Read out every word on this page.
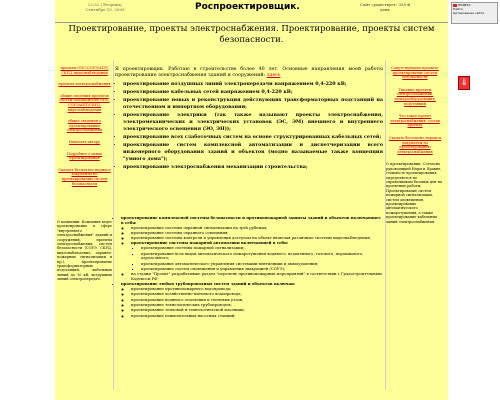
22:52 | Вторник, Сентябрь 15, 2009	Роспроектировщик.	Сайт существует: 335-й день
ЯНДЕКС
Найти
Цитирование сайта
⇓
Проектирование, проекты электроснабжения. Проектирование, проекты систем безопасности.
проекты ОПС/СОУЭ/АПТ/СКУД, видеонаблюдения
проекты электроснабжения
общие сведения проектов систем безопасности ОПС/СОУЭ/АПТ/СКУД, видеонаблюдения
общие сведения о проектировании электроснабжения
Написать автору
Подробнее о ценах проектирования
Скачать бесплатно нормы и документы по проектированию систем безопасности
О компании. Компания ведет проектирование в сфере "внутреннего электроснабжения" зданий и сооружений, проекты электроснабжения, систем безопасности (СОУЭ, СКУД, видеонаблюдение, охранно-пожарные сигнализации и пр.), проектирование трансформаторных подстанций, кабельных линий до 10 кВ, воздушных линий электропередач.
Сопутствующие проекты: проектирование систем безопасности
Типовые проекты электроснабжения, электрооборудования, подстанций
Что такое проект электроснабжения, состав проекта
Скачать бесплатно нормы и документы по проектированию электроснабжения
О проектировании. Согласно руководящей Норм и Правил, стоимость проектирования определяется по справочникам базовых цен на проектные работы. Проектирование систем пожарной сигнализации, систем оповещения, проектирование автоматического пожаротушения, а также проектирование кабельных линий электроснабжения.

Я проектировщик. Работаю в строительстве более 40 лет. Основные направления моей работы проектирование электроснабжения зданий и сооружений: здесь

• проектирование воздушных линий электропередачи напряжением 0,4-220 кВ;
• проектирование кабельных сетей напряжением 0,4-220 кВ;
• проектирование новых и реконструкция действующих трансформаторных подстанций на отечественном и импортном оборудовании;
• проектирование электрики (так также называют проекты электроснабжения, электромеханических и электрических установок (ЭС, ЭМ) внешнего и внутреннего электрического освещения (ЭО, ЭН));
• проектирование всех слаботочных систем на основе структурированных кабельных сетей;
• проектирование систем комплексной автоматизации и диспетчеризации всего инженерного оборудования зданий и объектов (модно называемые также концепция "умного дома");
• проектирование электроснабжения механизации строительства;
• проектирование комплексной системы безопасности и противопожарной защиты зданий и объектов включающее в себя:
◦ проектирование системы охранной сигнализации на трёх рубежах;
◦ проектирование системы охранного освещения;
◦ проектирование системы контроля и управления доступом на объект включая различные системы видеонаблюдения;
◦ проектирование системы пожарной автоматики включающей в себя:
▪ проектирование системы пожарной сигнализации;
▪ проектирование всех видов автоматического пожаротушения водяного, водопенного, газового, порошкового, аэрозольного;
▪ проектирование автоматического управления системами вентиляции и дымоудаления;
▪ проектирование систем оповещения и управления эвакуацией (СОУЭ);
◦ на стадии "Проект" разрабатываю раздел "перечень противопожарных мероприятий" в соответствии с Градостроительным Кодексом РФ;
• проектирование любых трубопроводных систем зданий и объектов включая:
◦ проектирование противопожарного водопровода;
◦ проектирование хозяйственно-питьевого водопровода;
◦ проектирование водяного отопления и тепловых узлов;
◦ проектирование технологических трубопроводов;
◦ проектирование тепловой и технологической изоляции;
◦ проектирование повысительных насосных станций;
